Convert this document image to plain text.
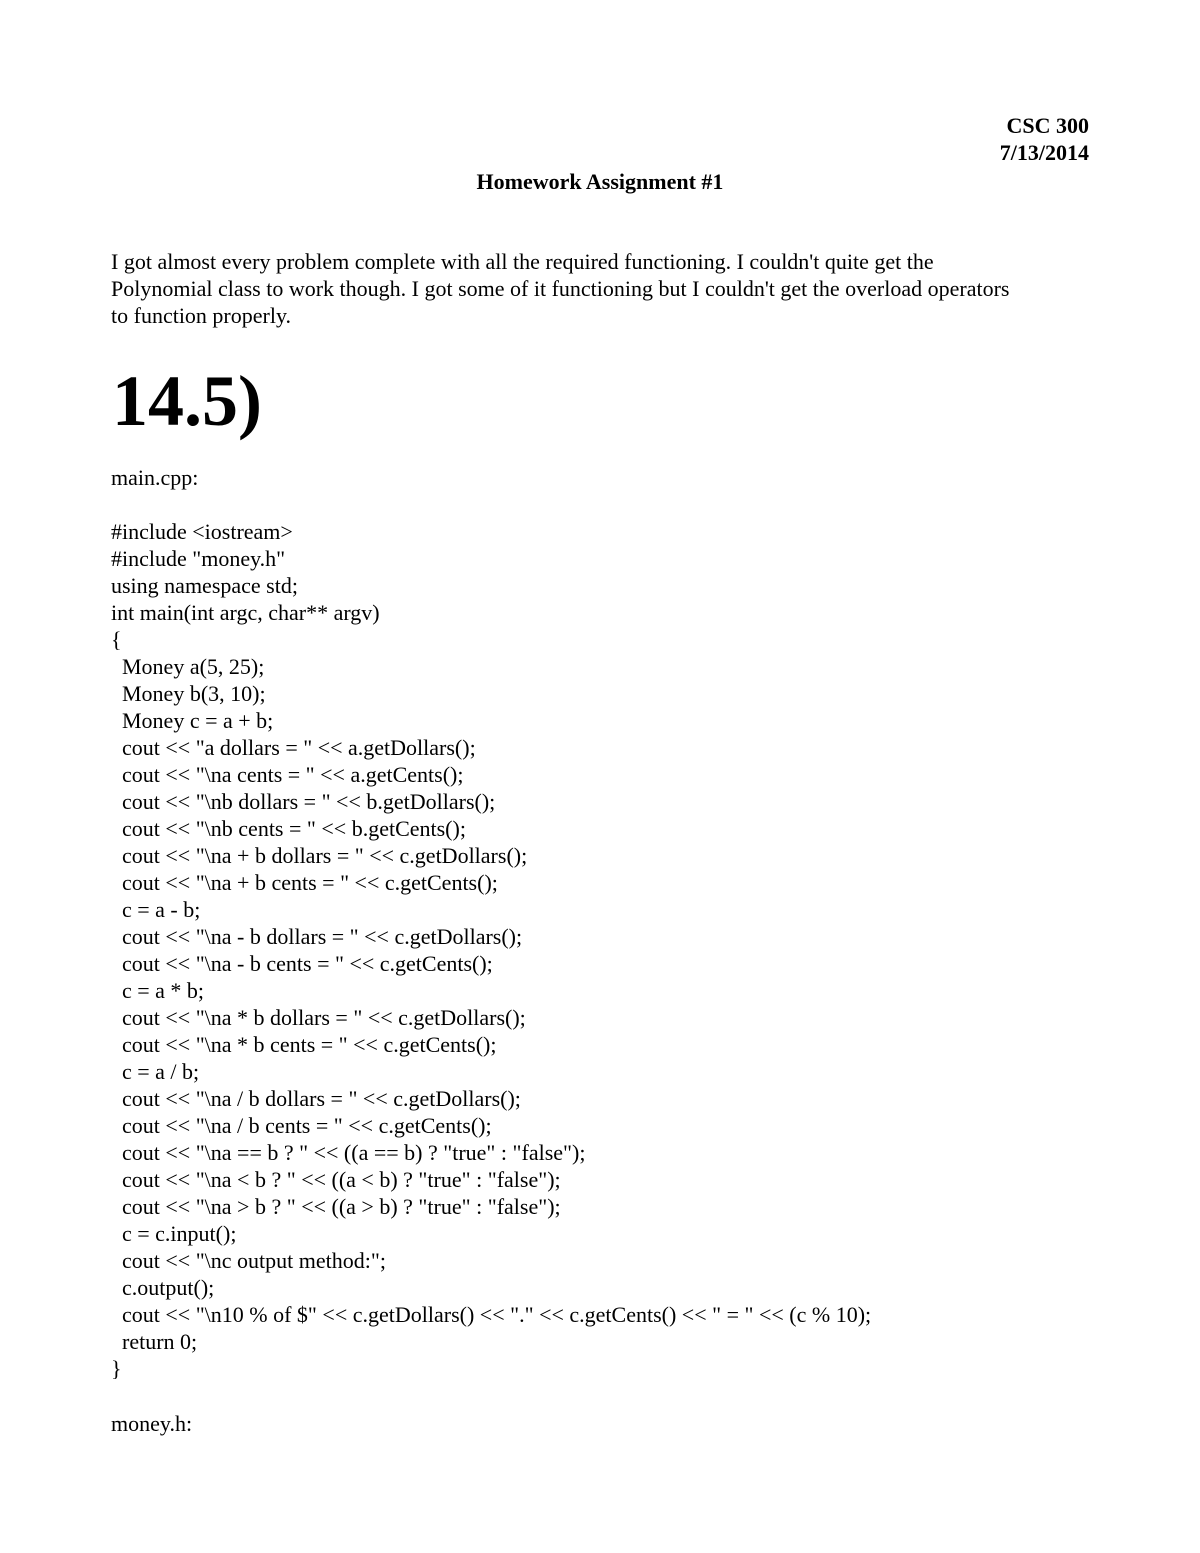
CSC 300
7/13/2014
Homework Assignment #1

I got almost every problem complete with all the required functioning. I couldn't quite get the

Polynomial class to work though. I got some of it functioning but I couldn't get the overload operators

to function properly.

14.5)
main.cpp:
#include <iostream>
#include "money.h"
using namespace std;
int main(int argc, char** argv)
{
Money a(5, 25);
Money b(3, 10);
Money c = a + b;
cout << "a dollars = " << a.getDollars();
cout << "\na cents = " << a.getCents();
cout << "\nb dollars = " << b.getDollars();
cout << "\nb cents = " << b.getCents();
cout << "\na + b dollars = " << c.getDollars();
cout << "\na + b cents = " << c.getCents();
c = a - b;
cout << "\na - b dollars = " << c.getDollars();
cout << "\na - b cents = " << c.getCents();
c = a * b;
cout << "\na * b dollars = " << c.getDollars();
cout << "\na * b cents = " << c.getCents();
c = a / b;
cout << "\na / b dollars = " << c.getDollars();
cout << "\na / b cents = " << c.getCents();
cout << "\na == b ? " << ((a == b) ? "true" : "false");
cout << "\na < b ? " << ((a < b) ? "true" : "false");
cout << "\na > b ? " << ((a > b) ? "true" : "false");
c = c.input();
cout << "\nc output method:";
c.output();
cout << "\n10 % of $" << c.getDollars() << "." << c.getCents() << " = " << (c % 10);
return 0;
}
money.h:
